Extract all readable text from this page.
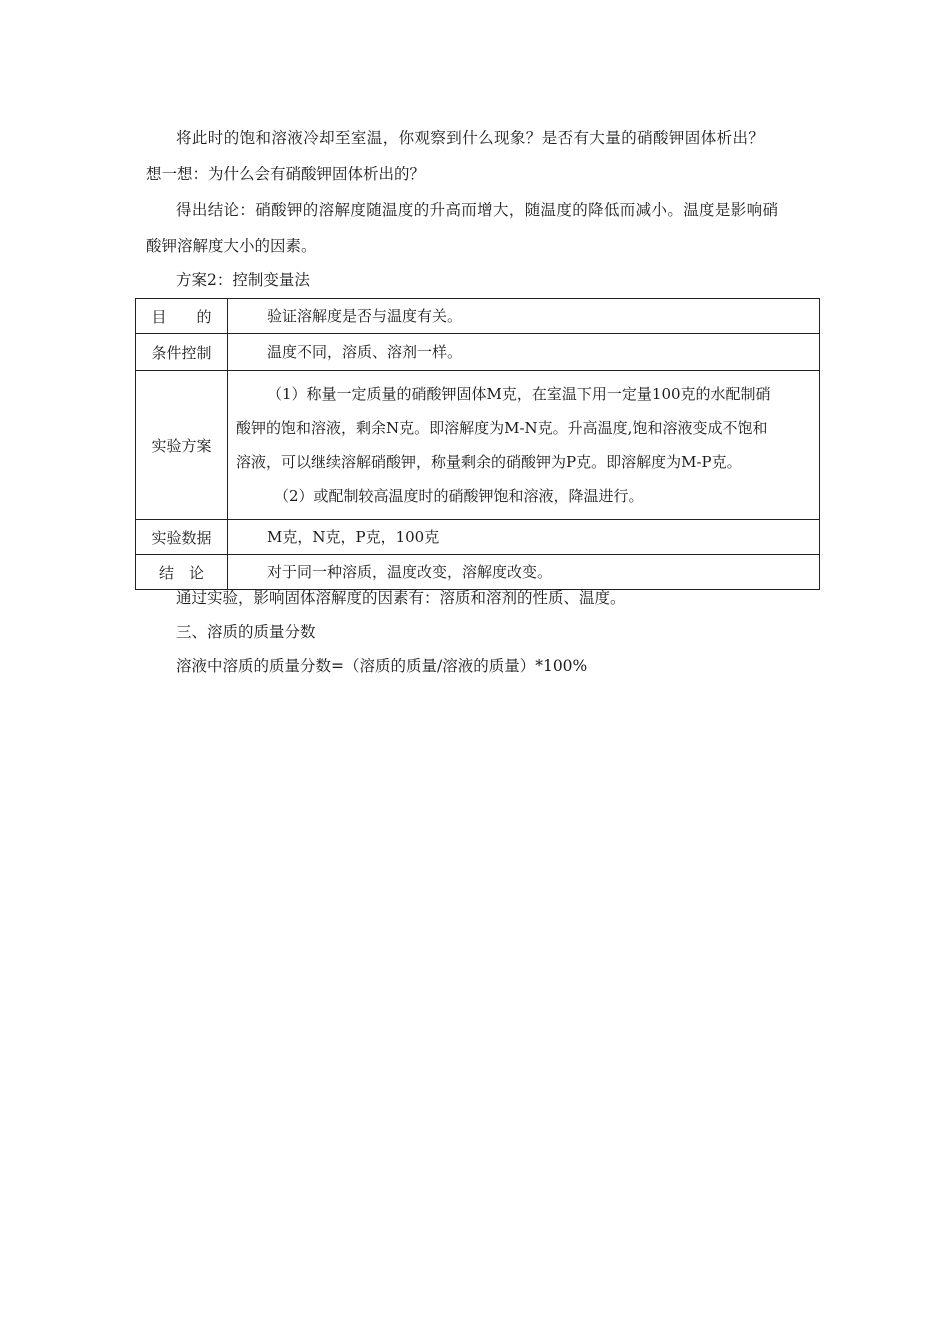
将此时的饱和溶液冷却至室温，你观察到什么现象？是否有大量的硝酸钾固体析出？
想一想：为什么会有硝酸钾固体析出的？
得出结论：硝酸钾的溶解度随温度的升高而增大，随温度的降低而减小。温度是影响硝
酸钾溶解度大小的因素。
方案2：控制变量法
目　　的	验证溶解度是否与温度有关。

条件控制	温度不同，溶质、溶剂一样。

实验方案	（1）称量一定质量的硝酸钾固体M克，在室温下用一定量100克的水配制硝

酸钾的饱和溶液，剩余N克。即溶解度为M-N克。升高温度,饱和溶液变成不饱和

溶液，可以继续溶解硝酸钾，称量剩余的硝酸钾为P克。即溶解度为M-P克。

（2）或配制较高温度时的硝酸钾饱和溶液，降温进行。

实验数据	M克，N克，P克，100克

结　论	对于同一种溶质，温度改变，溶解度改变。
通过实验，影响固体溶解度的因素有：溶质和溶剂的性质、温度。
三、溶质的质量分数
溶液中溶质的质量分数=（溶质的质量/溶液的质量）*100%
